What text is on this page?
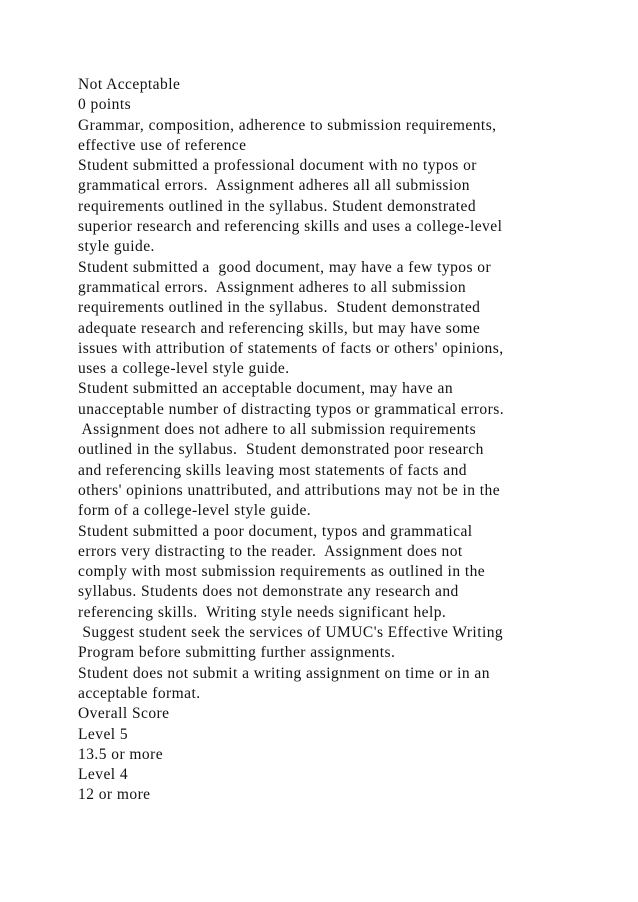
Not Acceptable
0 points
Grammar, composition, adherence to submission requirements,
effective use of reference
Student submitted a professional document with no typos or
grammatical errors.  Assignment adheres all all submission
requirements outlined in the syllabus. Student demonstrated
superior research and referencing skills and uses a college-level
style guide.
Student submitted a  good document, may have a few typos or
grammatical errors.  Assignment adheres to all submission
requirements outlined in the syllabus.  Student demonstrated
adequate research and referencing skills, but may have some
issues with attribution of statements of facts or others' opinions,
uses a college-level style guide.
Student submitted an acceptable document, may have an
unacceptable number of distracting typos or grammatical errors.
Assignment does not adhere to all submission requirements
outlined in the syllabus.  Student demonstrated poor research
and referencing skills leaving most statements of facts and
others' opinions unattributed, and attributions may not be in the
form of a college-level style guide.
Student submitted a poor document, typos and grammatical
errors very distracting to the reader.  Assignment does not
comply with most submission requirements as outlined in the
syllabus. Students does not demonstrate any research and
referencing skills.  Writing style needs significant help.
Suggest student seek the services of UMUC's Effective Writing
Program before submitting further assignments.
Student does not submit a writing assignment on time or in an
acceptable format.
Overall Score
Level 5
13.5 or more
Level 4
12 or more
